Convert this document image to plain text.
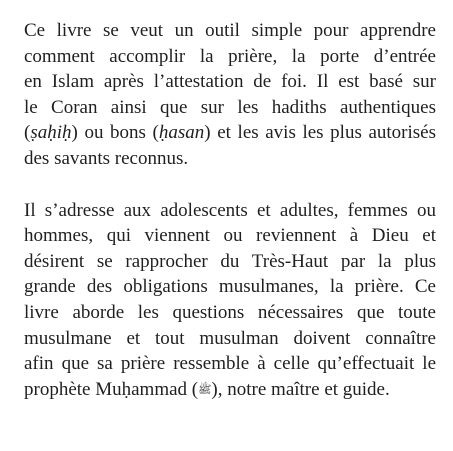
Ce livre se veut un outil simple pour apprendre
comment accomplir la prière, la porte d’entrée
en Islam après l’attestation de foi. Il est basé sur
le Coran ainsi que sur les hadiths authentiques
(ṣaḥiḥ) ou bons (ḥasan) et les avis les plus autorisés
des savants reconnus.
Il s’adresse aux adolescents et adultes, femmes ou
hommes, qui viennent ou reviennent à Dieu et
désirent se rapprocher du Très-Haut par la plus
grande des obligations musulmanes, la prière. Ce
livre aborde les questions nécessaires que toute
musulmane et tout musulman doivent connaître
afin que sa prière ressemble à celle qu’effectuait le
prophète Muḥammad (ﷺ), notre maître et guide.
